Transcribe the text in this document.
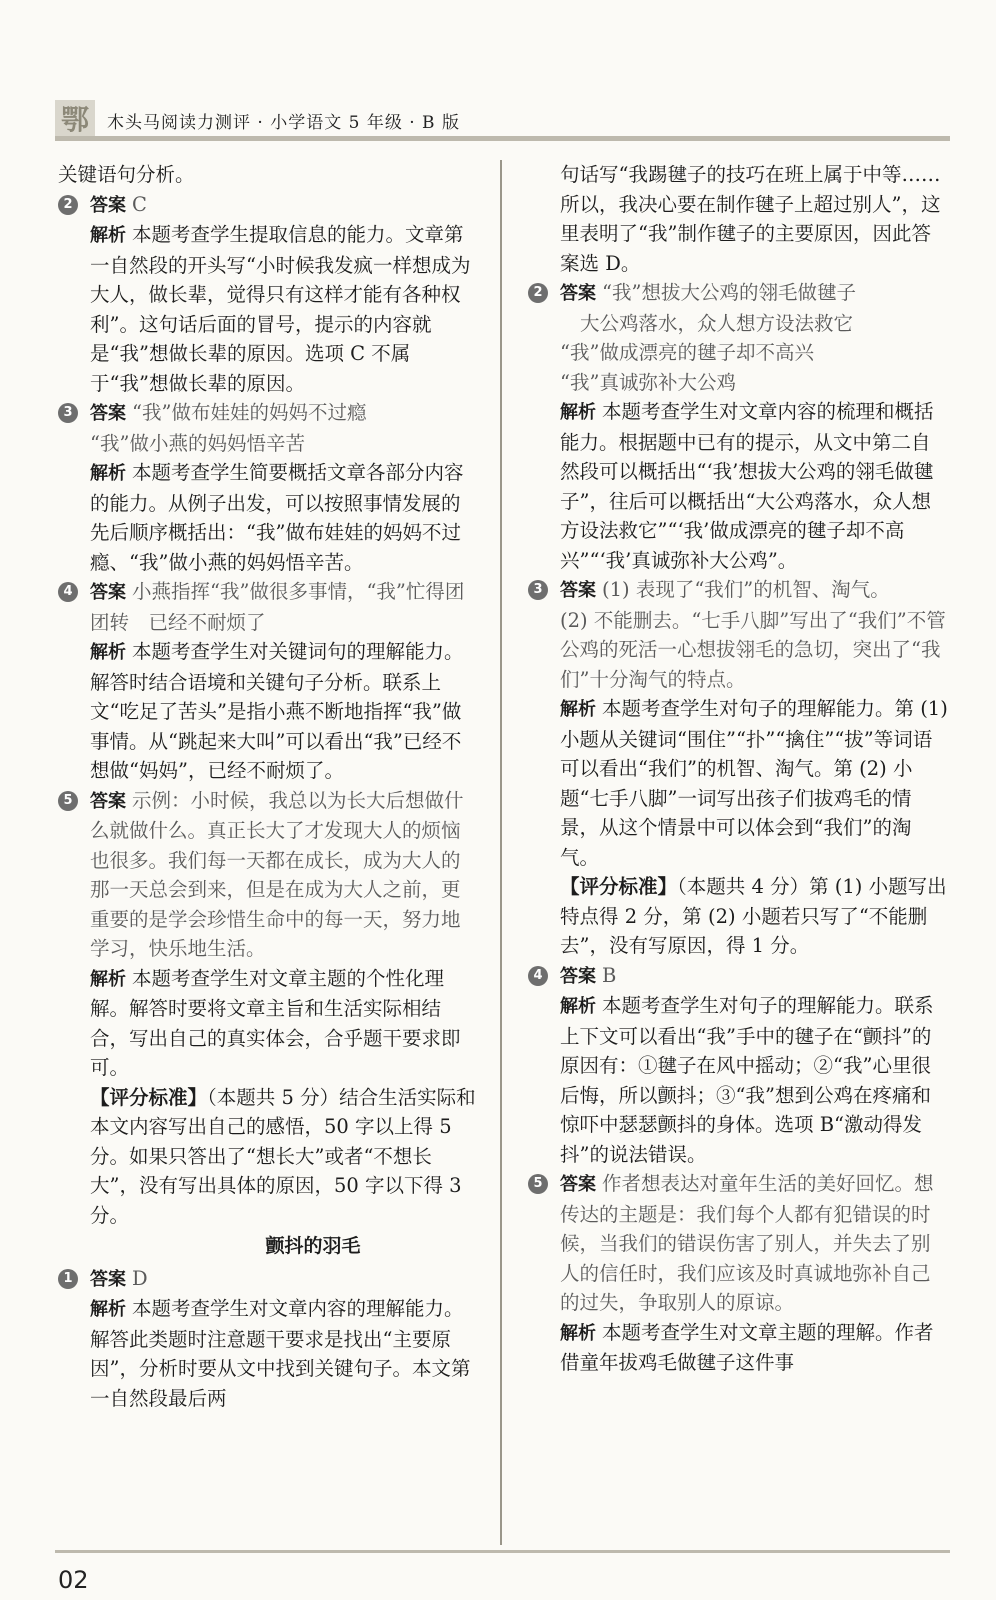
鄂	木头马阅读力测评 · 小学语文 5 年级 · B 版
关键语句分析。
2 答案 C
解析 本题考查学生提取信息的能力。文章第一自然段的开头写“小时候我发疯一样想成为大人，做长辈，觉得只有这样才能有各种权利”。这句话后面的冒号，提示的内容就是“我”想做长辈的原因。选项 C 不属于“我”想做长辈的原因。
3 答案 “我”做布娃娃的妈妈不过瘾
“我”做小燕的妈妈悟辛苦
解析 本题考查学生简要概括文章各部分内容的能力。从例子出发，可以按照事情发展的先后顺序概括出：“我”做布娃娃的妈妈不过瘾、“我”做小燕的妈妈悟辛苦。
4 答案 小燕指挥“我”做很多事情，“我”忙得团团转　已经不耐烦了
解析 本题考查学生对关键词句的理解能力。解答时结合语境和关键句子分析。联系上文“吃足了苦头”是指小燕不断地指挥“我”做事情。从“跳起来大叫”可以看出“我”已经不想做“妈妈”，已经不耐烦了。
5 答案 示例：小时候，我总以为长大后想做什么就做什么。真正长大了才发现大人的烦恼也很多。我们每一天都在成长，成为大人的那一天总会到来，但是在成为大人之前，更重要的是学会珍惜生命中的每一天，努力地学习，快乐地生活。
解析 本题考查学生对文章主题的个性化理解。解答时要将文章主旨和生活实际相结合，写出自己的真实体会，合乎题干要求即可。
【评分标准】（本题共 5 分）结合生活实际和本文内容写出自己的感悟，50 字以上得 5 分。如果只答出了“想长大”或者“不想长大”，没有写出具体的原因，50 字以下得 3 分。
颤抖的羽毛
1 答案 D
解析 本题考查学生对文章内容的理解能力。解答此类题时注意题干要求是找出“主要原因”，分析时要从文中找到关键句子。本文第一自然段最后两
句话写“我踢毽子的技巧在班上属于中等……所以，我决心要在制作毽子上超过别人”，这里表明了“我”制作毽子的主要原因，因此答案选 D。
2 答案 “我”想拔大公鸡的翎毛做毽子
大公鸡落水，众人想方设法救它
“我”做成漂亮的毽子却不高兴
“我”真诚弥补大公鸡
解析 本题考查学生对文章内容的梳理和概括能力。根据题中已有的提示，从文中第二自然段可以概括出“‘我’想拔大公鸡的翎毛做毽子”，往后可以概括出“大公鸡落水，众人想方设法救它”“‘我’做成漂亮的毽子却不高兴”“‘我’真诚弥补大公鸡”。
3 答案 (1) 表现了“我们”的机智、淘气。
(2) 不能删去。“七手八脚”写出了“我们”不管公鸡的死活一心想拔翎毛的急切，突出了“我们”十分淘气的特点。
解析 本题考查学生对句子的理解能力。第 (1) 小题从关键词“围住”“扑”“擒住”“拔”等词语可以看出“我们”的机智、淘气。第 (2) 小题“七手八脚”一词写出孩子们拔鸡毛的情景，从这个情景中可以体会到“我们”的淘气。
【评分标准】（本题共 4 分）第 (1) 小题写出特点得 2 分，第 (2) 小题若只写了“不能删去”，没有写原因，得 1 分。
4 答案 B
解析 本题考查学生对句子的理解能力。联系上下文可以看出“我”手中的毽子在“颤抖”的原因有：①毽子在风中摇动；②“我”心里很后悔，所以颤抖；③“我”想到公鸡在疼痛和惊吓中瑟瑟颤抖的身体。选项 B“激动得发抖”的说法错误。
5 答案 作者想表达对童年生活的美好回忆。想传达的主题是：我们每个人都有犯错误的时候，当我们的错误伤害了别人，并失去了别人的信任时，我们应该及时真诚地弥补自己的过失，争取别人的原谅。
解析 本题考查学生对文章主题的理解。作者借童年拔鸡毛做毽子这件事
02
